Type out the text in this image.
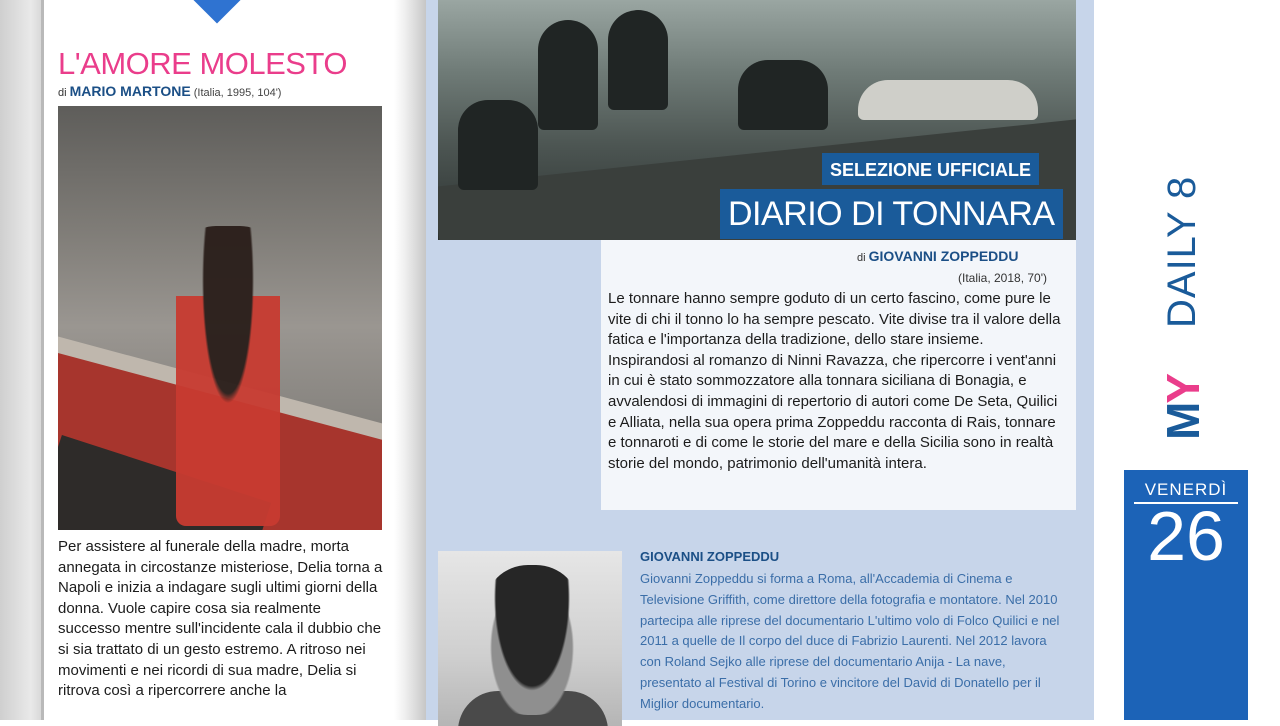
L'AMORE MOLESTO
di MARIO MARTONE (Italia, 1995, 104')
Per assistere al funerale della madre, morta annegata in circostanze misteriose, Delia torna a Napoli e inizia a indagare sugli ultimi giorni della donna. Vuole capire cosa sia realmente successo mentre sull'incidente cala il dubbio che si sia trattato di un gesto estremo. A ritroso nei movimenti e nei ricordi di sua madre, Delia si ritrova così a ripercorrere anche la
SELEZIONE UFFICIALE
DIARIO DI TONNARA
di GIOVANNI ZOPPEDDU
(Italia, 2018, 70')
Le tonnare hanno sempre goduto di un certo fascino, come pure le vite di chi il tonno lo ha sempre pescato. Vite divise tra il valore della fatica e l'importanza della tradizione, dello stare insieme. Inspirandosi al romanzo di Ninni Ravazza, che ripercorre i vent'anni in cui è stato sommozzatore alla tonnara siciliana di Bonagia, e avvalendosi di immagini di repertorio di autori come De Seta, Quilici e Alliata, nella sua opera prima Zoppeddu racconta di Rais, tonnare e tonnaroti e di come le storie del mare e della Sicilia sono in realtà storie del mondo, patrimonio dell'umanità intera.
GIOVANNI ZOPPEDDU
Giovanni Zoppeddu si forma a Roma, all'Accademia di Cinema e Televisione Griffith, come direttore della fotografia e montatore. Nel 2010 partecipa alle riprese del documentario L'ultimo volo di Folco Quilici e nel 2011 a quelle de Il corpo del duce di Fabrizio Laurenti. Nel 2012 lavora con Roland Sejko alle riprese del documentario Anija - La nave, presentato al Festival di Torino e vincitore del David di Donatello per il Miglior documentario.
MY
DAILY 8
VENERDÌ
26
